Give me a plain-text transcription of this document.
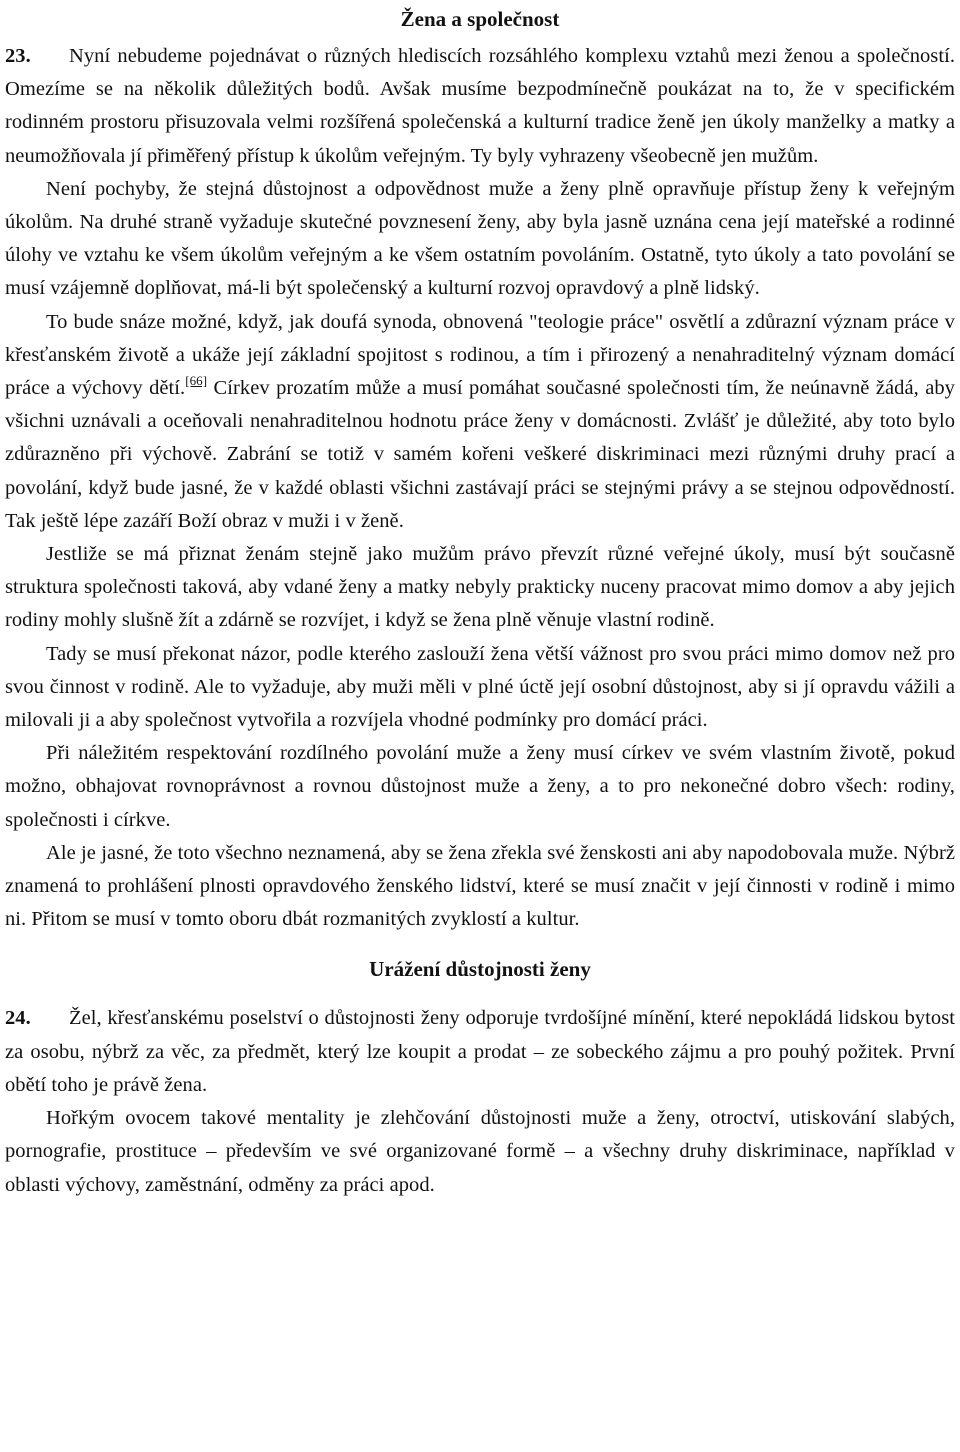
Žena a společnost

23. Nyní nebudeme pojednávat o různých hlediscích rozsáhlého komplexu vztahů mezi ženou a společností. Omezíme se na několik důležitých bodů. Avšak musíme bezpodmínečně poukázat na to, že v specifickém rodinném prostoru přisuzovala velmi rozšířená společenská a kulturní tradice ženě jen úkoly manželky a matky a neumožňovala jí přiměřený přístup k úkolům veřejným. Ty byly vyhrazeny všeobecně jen mužům.

Není pochyby, že stejná důstojnost a odpovědnost muže a ženy plně opravňuje přístup ženy k veřejným úkolům. Na druhé straně vyžaduje skutečné povznesení ženy, aby byla jasně uznána cena její mateřské a rodinné úlohy ve vztahu ke všem úkolům veřejným a ke všem ostatním povoláním. Ostatně, tyto úkoly a tato povolání se musí vzájemně doplňovat, má-li být společenský a kulturní rozvoj opravdový a plně lidský.

To bude snáze možné, když, jak doufá synoda, obnovená "teologie práce" osvětlí a zdůrazní význam práce v křesťanském životě a ukáže její základní spojitost s rodinou, a tím i přirozený a nenahraditelný význam domácí práce a výchovy dětí.[66] Církev prozatím může a musí pomáhat současné společnosti tím, že neúnavně žádá, aby všichni uznávali a oceňovali nenahraditelnou hodnotu práce ženy v domácnosti. Zvlášť je důležité, aby toto bylo zdůrazněno při výchově. Zabrání se totiž v samém kořeni veškeré diskriminaci mezi různými druhy prací a povolání, když bude jasné, že v každé oblasti všichni zastávají práci se stejnými právy a se stejnou odpovědností. Tak ještě lépe zazáří Boží obraz v muži i v ženě.

Jestliže se má přiznat ženám stejně jako mužům právo převzít různé veřejné úkoly, musí být současně struktura společnosti taková, aby vdané ženy a matky nebyly prakticky nuceny pracovat mimo domov a aby jejich rodiny mohly slušně žít a zdárně se rozvíjet, i když se žena plně věnuje vlastní rodině.

Tady se musí překonat názor, podle kterého zaslouží žena větší vážnost pro svou práci mimo domov než pro svou činnost v rodině. Ale to vyžaduje, aby muži měli v plné úctě její osobní důstojnost, aby si jí opravdu vážili a milovali ji a aby společnost vytvořila a rozvíjela vhodné podmínky pro domácí práci.

Při náležitém respektování rozdílného povolání muže a ženy musí církev ve svém vlastním životě, pokud možno, obhajovat rovnoprávnost a rovnou důstojnost muže a ženy, a to pro nekonečné dobro všech: rodiny, společnosti i církve.

Ale je jasné, že toto všechno neznamená, aby se žena zřekla své ženskosti ani aby napodobovala muže. Nýbrž znamená to prohlášení plnosti opravdového ženského lidství, které se musí značit v její činnosti v rodině i mimo ni. Přitom se musí v tomto oboru dbát rozmanitých zvyklostí a kultur.

Urážení důstojnosti ženy

24. Žel, křesťanskému poselství o důstojnosti ženy odporuje tvrdošíjné mínění, které nepokládá lidskou bytost za osobu, nýbrž za věc, za předmět, který lze koupit a prodat – ze sobeckého zájmu a pro pouhý požitek. První obětí toho je právě žena.

Hořkým ovocem takové mentality je zlehčování důstojnosti muže a ženy, otroctví, utiskování slabých, pornografie, prostituce – především ve své organizované formě – a všechny druhy diskriminace, například v oblasti výchovy, zaměstnání, odměny za práci apod.
